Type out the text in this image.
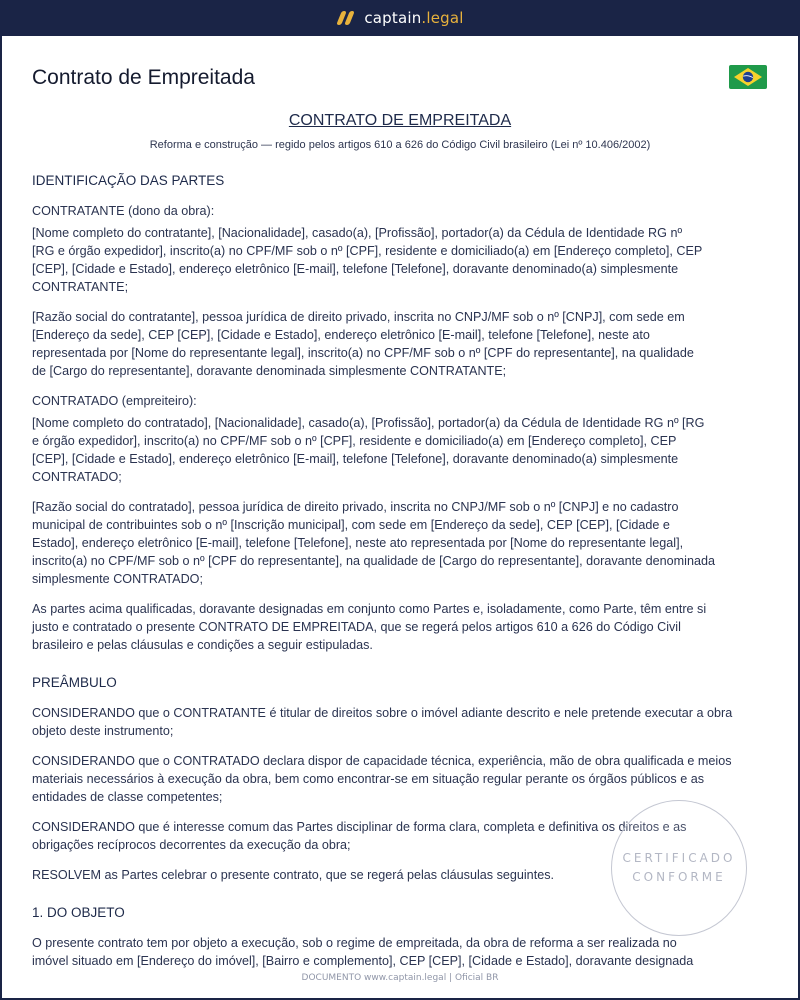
captain.legal
Contrato de Empreitada
CONTRATO DE EMPREITADA
Reforma e construção — regido pelos artigos 610 a 626 do Código Civil brasileiro (Lei nº 10.406/2002)
IDENTIFICAÇÃO DAS PARTES
CONTRATANTE (dono da obra):
[Nome completo do contratante], [Nacionalidade], casado(a), [Profissão], portador(a) da Cédula de Identidade RG nº
[RG e órgão expedidor], inscrito(a) no CPF/MF sob o nº [CPF], residente e domiciliado(a) em [Endereço completo], CEP
[CEP], [Cidade e Estado], endereço eletrônico [E-mail], telefone [Telefone], doravante denominado(a) simplesmente
CONTRATANTE;
[Razão social do contratante], pessoa jurídica de direito privado, inscrita no CNPJ/MF sob o nº [CNPJ], com sede em
[Endereço da sede], CEP [CEP], [Cidade e Estado], endereço eletrônico [E-mail], telefone [Telefone], neste ato
representada por [Nome do representante legal], inscrito(a) no CPF/MF sob o nº [CPF do representante], na qualidade
de [Cargo do representante], doravante denominada simplesmente CONTRATANTE;
CONTRATADO (empreiteiro):
[Nome completo do contratado], [Nacionalidade], casado(a), [Profissão], portador(a) da Cédula de Identidade RG nº [RG
e órgão expedidor], inscrito(a) no CPF/MF sob o nº [CPF], residente e domiciliado(a) em [Endereço completo], CEP
[CEP], [Cidade e Estado], endereço eletrônico [E-mail], telefone [Telefone], doravante denominado(a) simplesmente
CONTRATADO;
[Razão social do contratado], pessoa jurídica de direito privado, inscrita no CNPJ/MF sob o nº [CNPJ] e no cadastro
municipal de contribuintes sob o nº [Inscrição municipal], com sede em [Endereço da sede], CEP [CEP], [Cidade e
Estado], endereço eletrônico [E-mail], telefone [Telefone], neste ato representada por [Nome do representante legal],
inscrito(a) no CPF/MF sob o nº [CPF do representante], na qualidade de [Cargo do representante], doravante denominada
simplesmente CONTRATADO;
As partes acima qualificadas, doravante designadas em conjunto como Partes e, isoladamente, como Parte, têm entre si
justo e contratado o presente CONTRATO DE EMPREITADA, que se regerá pelos artigos 610 a 626 do Código Civil
brasileiro e pelas cláusulas e condições a seguir estipuladas.
PREÂMBULO
CONSIDERANDO que o CONTRATANTE é titular de direitos sobre o imóvel adiante descrito e nele pretende executar a obra
objeto deste instrumento;
CONSIDERANDO que o CONTRATADO declara dispor de capacidade técnica, experiência, mão de obra qualificada e meios
materiais necessários à execução da obra, bem como encontrar-se em situação regular perante os órgãos públicos e as
entidades de classe competentes;
CONSIDERANDO que é interesse comum das Partes disciplinar de forma clara, completa e definitiva os direitos e as
obrigações recíprocos decorrentes da execução da obra;
RESOLVEM as Partes celebrar o presente contrato, que se regerá pelas cláusulas seguintes.
1. DO OBJETO
O presente contrato tem por objeto a execução, sob o regime de empreitada, da obra de reforma a ser realizada no
imóvel situado em [Endereço do imóvel], [Bairro e complemento], CEP [CEP], [Cidade e Estado], doravante designada
CERTIFICADO
CONFORME
DOCUMENTO www.captain.legal | Oficial BR
